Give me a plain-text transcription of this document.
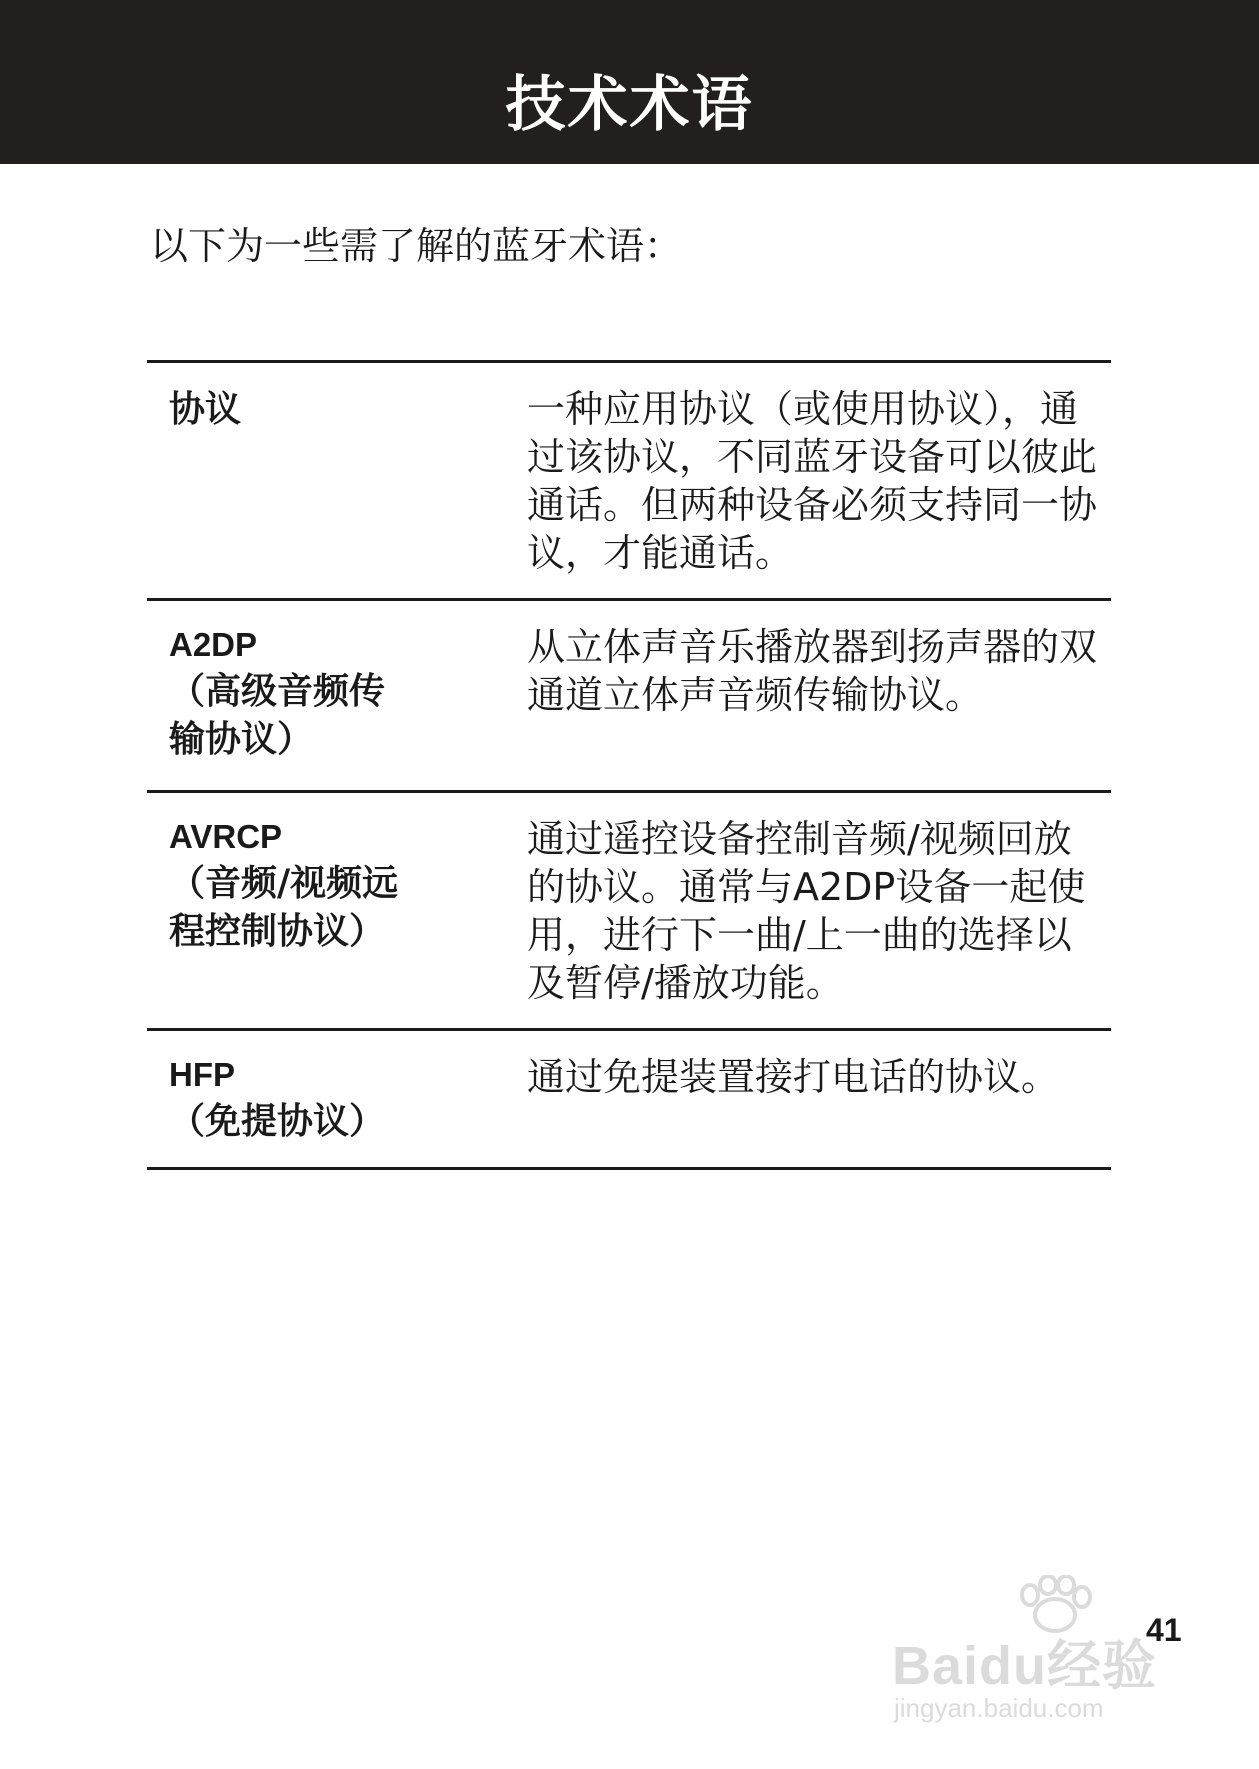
技术术语
以下为一些需了解的蓝牙术语：
协议	一种应用协议（或使用协议），通过该协议，不同蓝牙设备可以彼此通话。但两种设备必须支持同一协议，才能通话。
A2DP
（高级音频传输协议）
从立体声音乐播放器到扬声器的双通道立体声音频传输协议。
AVRCP
（音频/视频远程控制协议）
通过遥控设备控制音频/视频回放的协议。通常与A2DP设备一起使用，进行下一曲/上一曲的选择以及暂停/播放功能。
HFP
（免提协议）
通过免提装置接打电话的协议。
Baidu经验
jingyan.baidu.com
41
